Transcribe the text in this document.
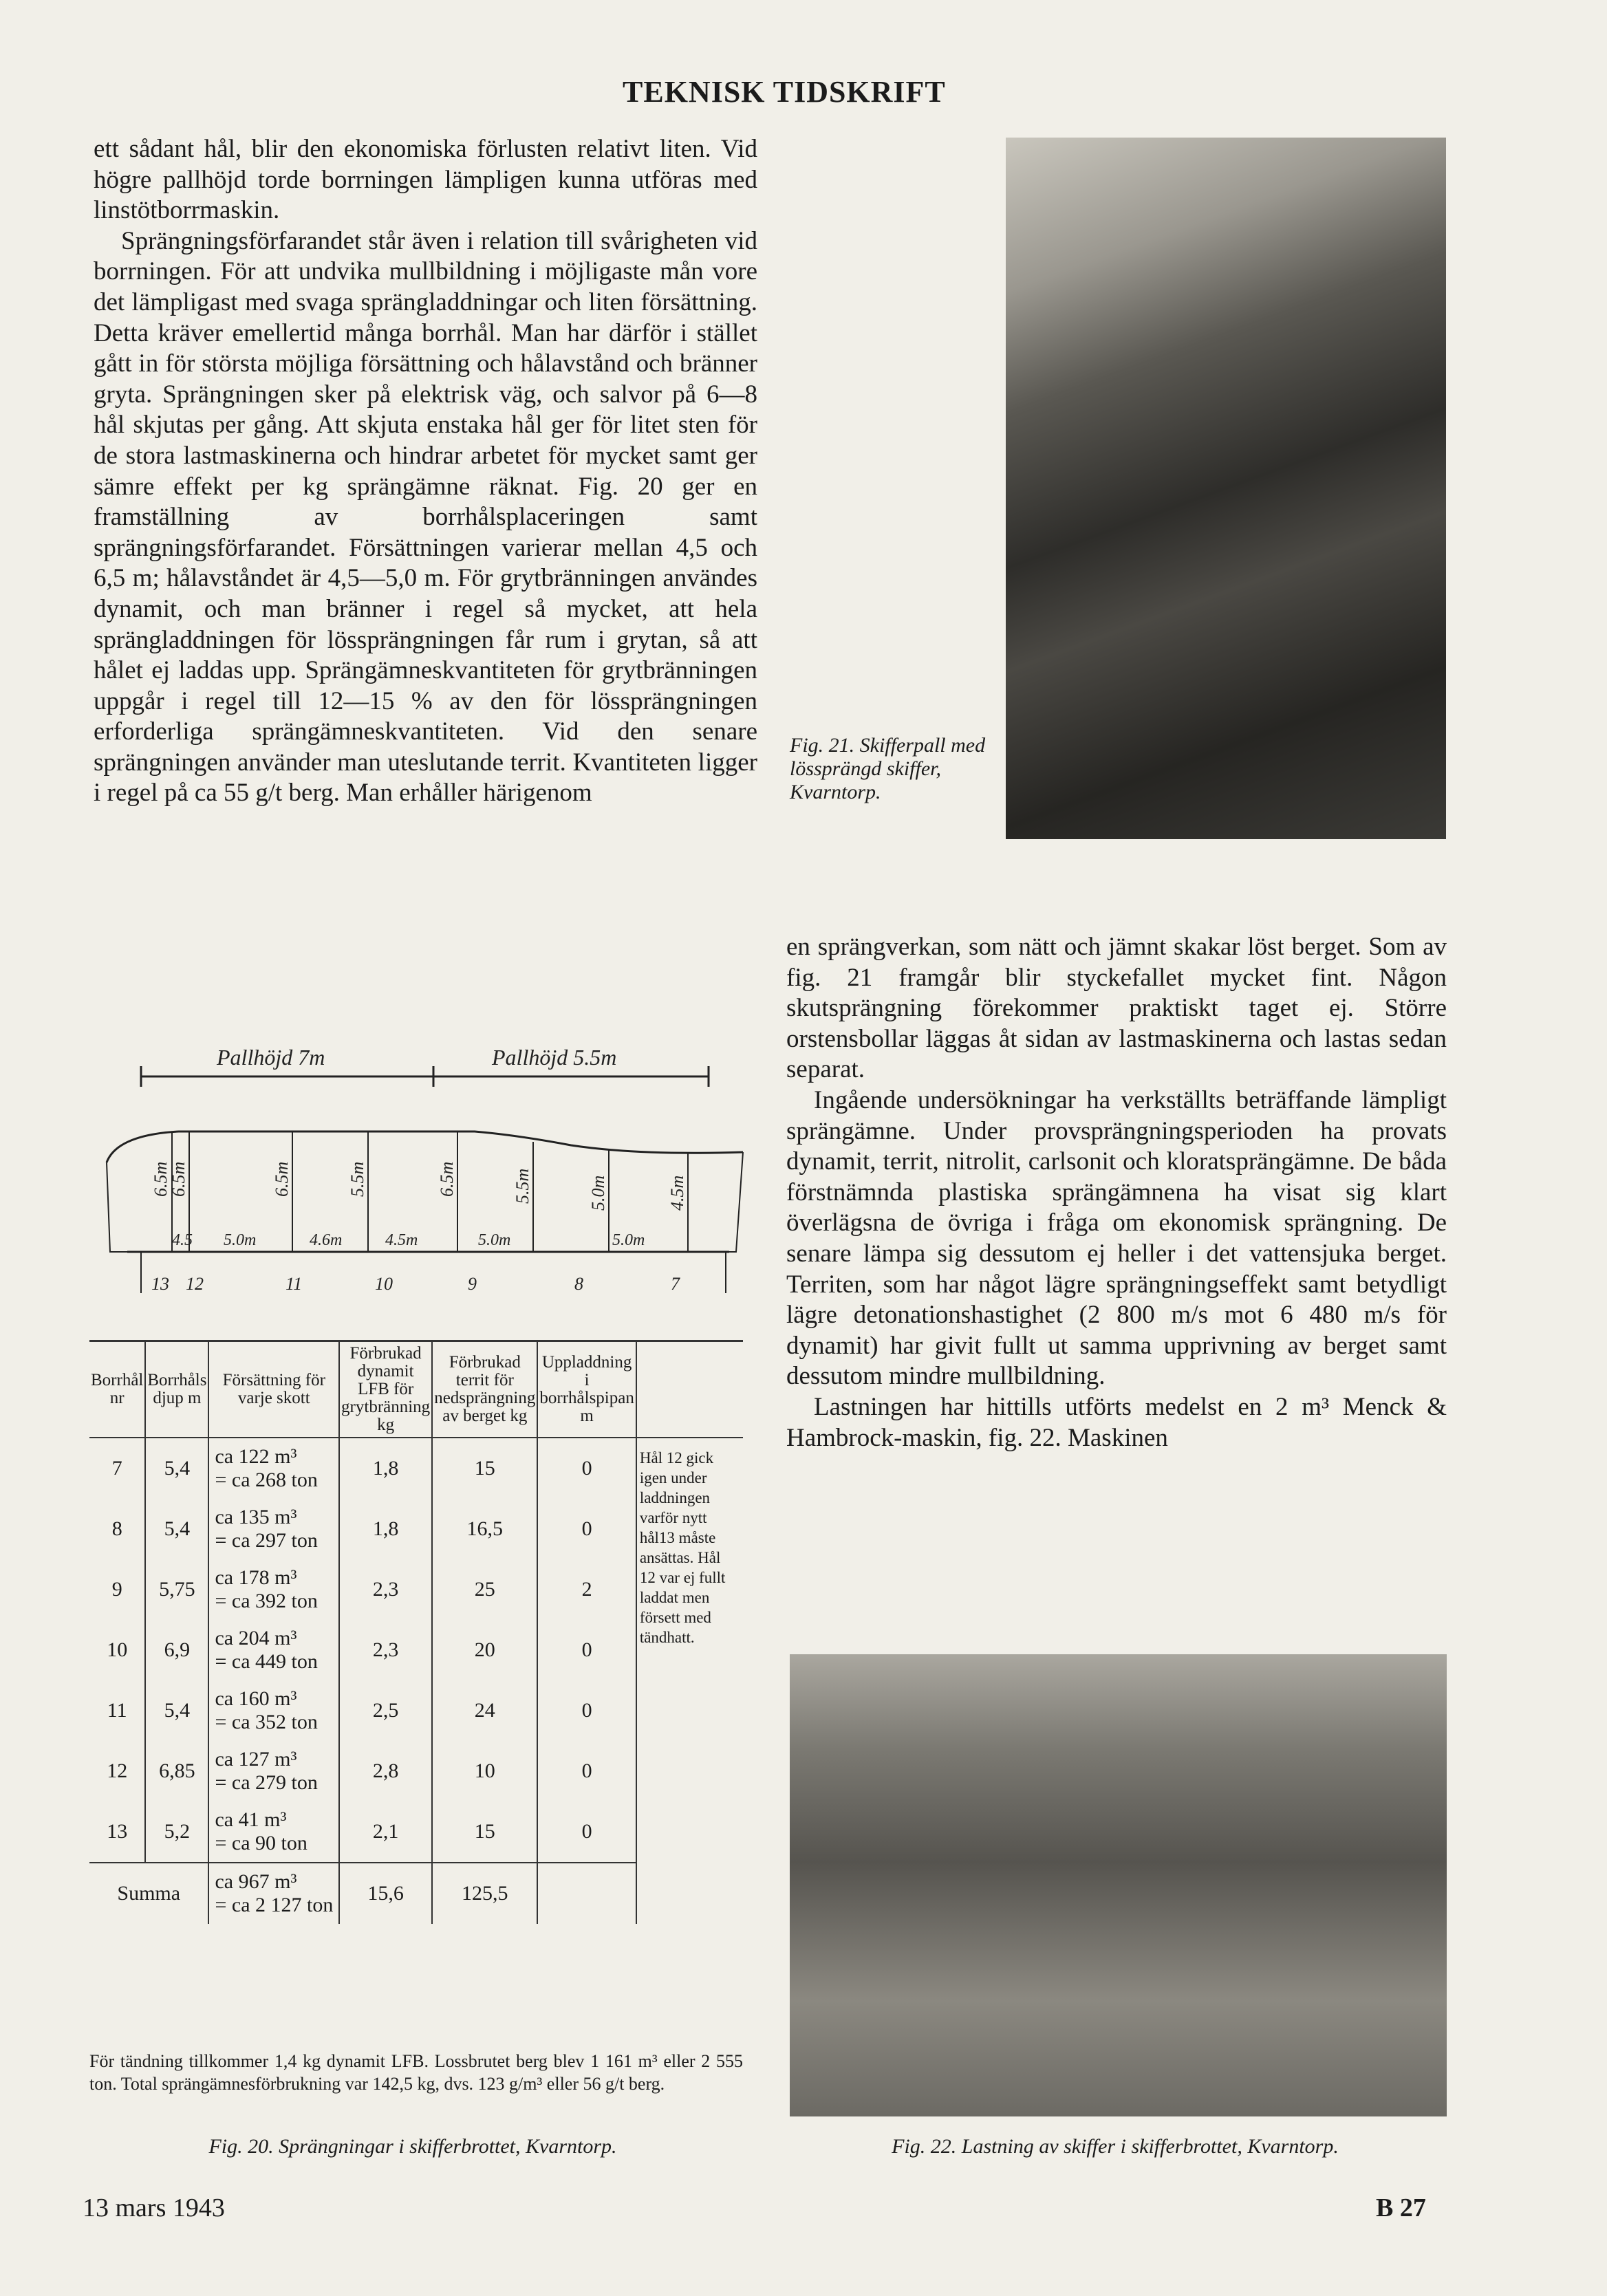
TEKNISK TIDSKRIFT

ett sådant hål, blir den ekonomiska förlusten relativt liten. Vid högre pallhöjd torde borrningen lämpligen kunna utföras med linstötborrmaskin.

Sprängningsförfarandet står även i relation till svårigheten vid borrningen. För att undvika mullbildning i möjligaste mån vore det lämpligast med svaga sprängladdningar och liten försättning. Detta kräver emellertid många borrhål. Man har därför i stället gått in för största möjliga försättning och hålavstånd och bränner gryta. Sprängningen sker på elektrisk väg, och salvor på 6—8 hål skjutas per gång. Att skjuta enstaka hål ger för litet sten för de stora lastmaskinerna och hindrar arbetet för mycket samt ger sämre effekt per kg sprängämne räknat. Fig. 20 ger en framställning av borrhålsplaceringen samt sprängningsförfarandet. Försättningen varierar mellan 4,5 och 6,5 m; hålavståndet är 4,5—5,0 m. För grytbränningen användes dynamit, och man bränner i regel så mycket, att hela sprängladdningen för lössprängningen får rum i grytan, så att hålet ej laddas upp. Sprängämneskvantiteten för grytbränningen uppgår i regel till 12—15 % av den för lössprängningen erforderliga sprängämneskvantiteten. Vid den senare sprängningen använder man uteslutande territ. Kvantiteten ligger i regel på ca 55 g/t berg. Man erhåller härigenom

Fig. 21. Skifferpall med lössprängd skiffer, Kvarntorp.

en sprängverkan, som nätt och jämnt skakar löst berget. Som av fig. 21 framgår blir styckefallet mycket fint. Någon skutsprängning förekommer praktiskt taget ej. Större orstensbollar läggas åt sidan av lastmaskinerna och lastas sedan separat.

Ingående undersökningar ha verkställts beträffande lämpligt sprängämne. Under provsprängningsperioden ha provats dynamit, territ, nitrolit, carlsonit och kloratsprängämne. De båda förstnämnda plastiska sprängämnena ha visat sig klart överlägsna de övriga i fråga om ekonomisk sprängning. De senare lämpa sig dessutom ej heller i det vattensjuka berget. Territen, som har något lägre sprängningseffekt samt betydligt lägre detonationshastighet (2 800 m/s mot 6 480 m/s för dynamit) har givit fullt ut samma upprivning av berget samt dessutom mindre mullbildning.

Lastningen har hittills utförts medelst en 2 m³ Menck & Hambrock-maskin, fig. 22. Maskinen

Pallhöjd 7m	Pallhöjd 5.5m
6.5m
6.5m	6.5m	5.5m	6.5m	5.5m	5.0m	4.5m
4.5 5.0m	4.6m	4.5m	5.0m	5.0m
13 12	11	10	9	8	7
Borrhål nr	Borrhåls djup m	Försättning för varje skott	Förbrukad dynamit LFB för grytbränning kg	Förbrukad territ för nedsprängning av berget kg	Uppladdning i borrhålspipan m	
7	5,4	ca 122 m³
= ca 268 ton	1,8	15	0	Hål 12 gick igen under laddningen varför nytt hål13 måste ansättas. Hål 12 var ej fullt laddat men försett med tändhatt.
8	5,4	ca 135 m³
= ca 297 ton	1,8	16,5	0	
9	5,75	ca 178 m³
= ca 392 ton	2,3	25	2	
10	6,9	ca 204 m³
= ca 449 ton	2,3	20	0	
11	5,4	ca 160 m³
= ca 352 ton	2,5	24	0	
12	6,85	ca 127 m³
= ca 279 ton	2,8	10	0	
13	5,2	ca 41 m³
= ca 90 ton	2,1	15	0	
Summa		ca 967 m³
= ca 2 127 ton	15,6	125,5		
För tändning tillkommer 1,4 kg dynamit LFB. Lossbrutet berg blev 1 161 m³ eller 2 555 ton. Total sprängämnesförbrukning var 142,5 kg, dvs. 123 g/m³ eller 56 g/t berg.
Fig. 20. Sprängningar i skifferbrottet, Kvarntorp.	Fig. 22. Lastning av skiffer i skifferbrottet, Kvarntorp.
13 mars 1943	B 27
